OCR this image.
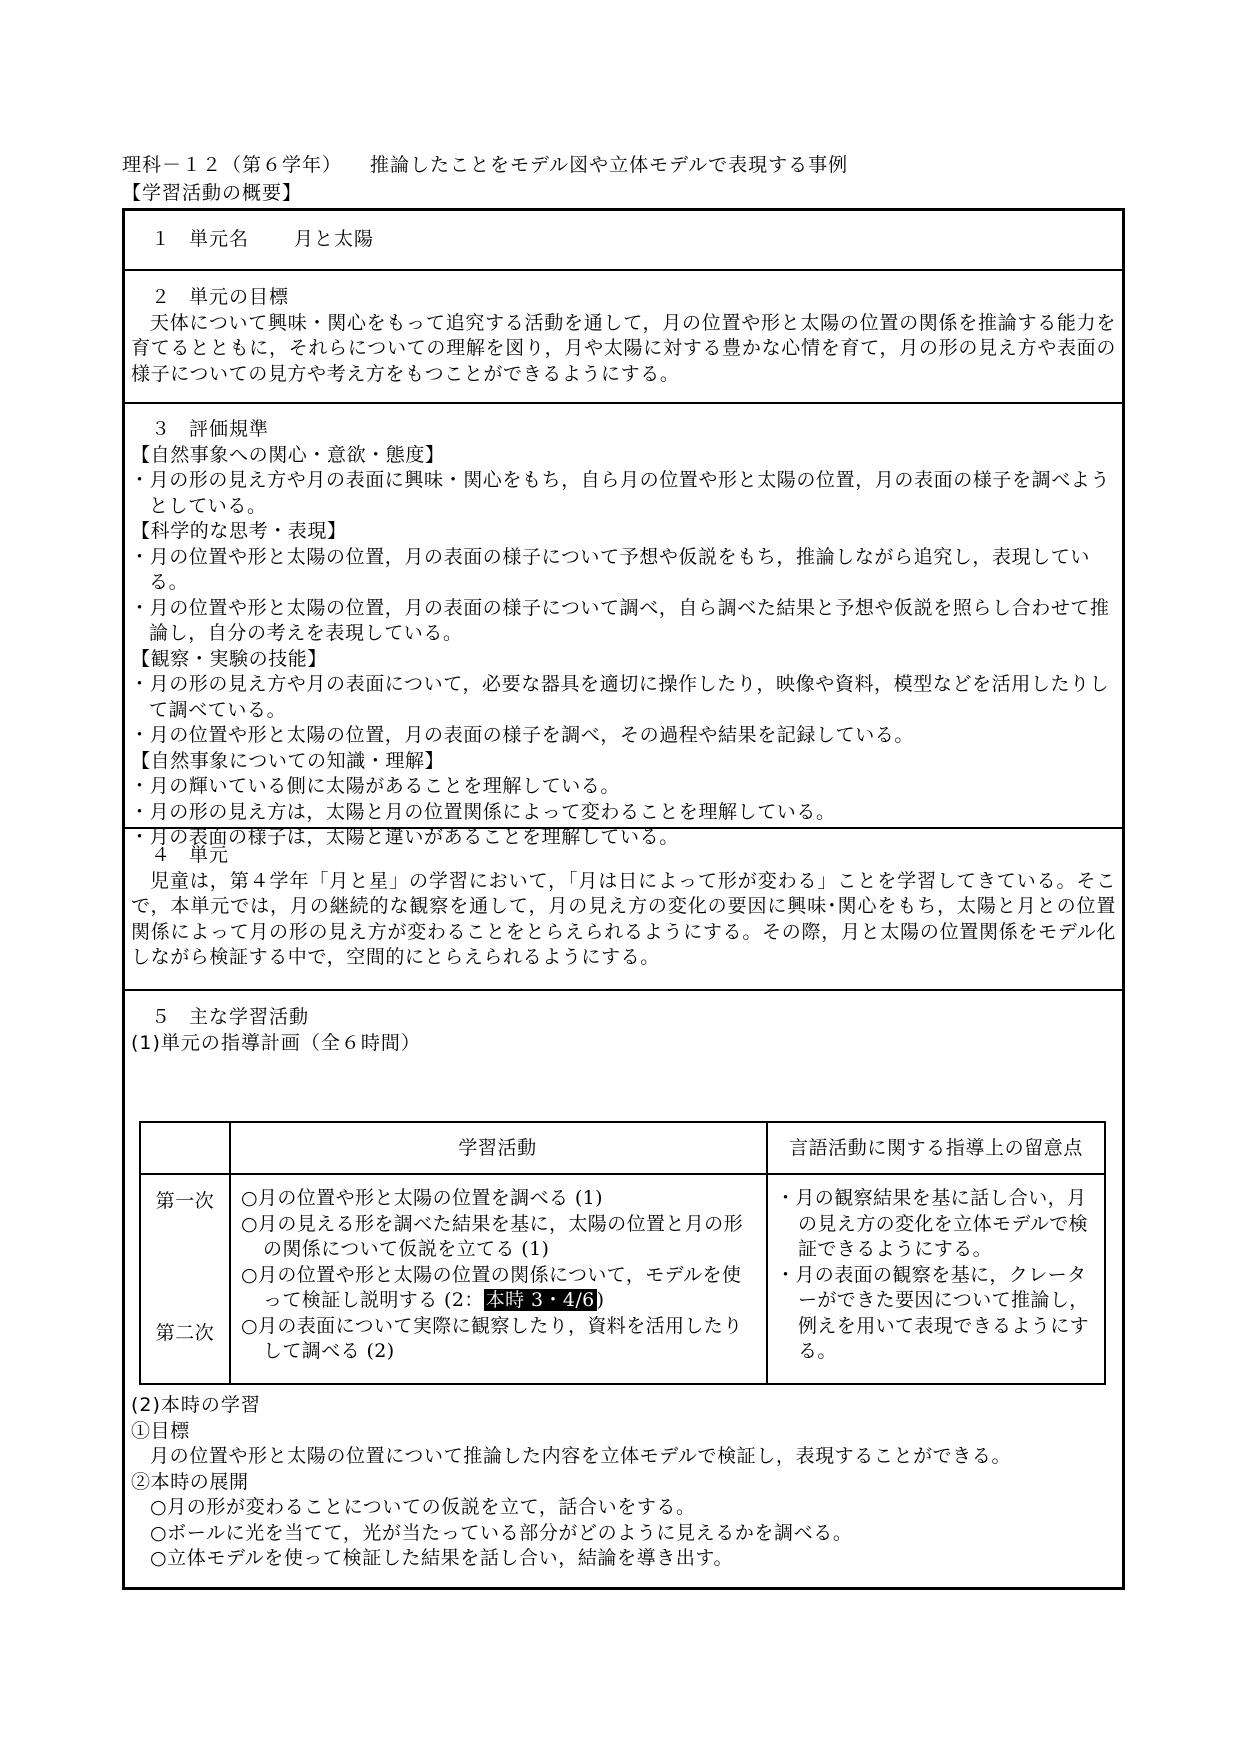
理科－１２（第６学年） 推論したことをモデル図や立体モデルで表現する事例
【学習活動の概要】
１ 単元名 月と太陽
２ 単元の目標
天体について興味・関心をもって追究する活動を通して，月の位置や形と太陽の位置の関係を推論する能力を育てるとともに，それらについての理解を図り，月や太陽に対する豊かな心情を育て，月の形の見え方や表面の様子についての見方や考え方をもつことができるようにする。
３ 評価規準
【自然事象への関心・意欲・態度】
・月の形の見え方や月の表面に興味・関心をもち，自ら月の位置や形と太陽の位置，月の表面の様子を調べようとしている。
【科学的な思考・表現】
・月の位置や形と太陽の位置，月の表面の様子について予想や仮説をもち，推論しながら追究し，表現している。
・月の位置や形と太陽の位置，月の表面の様子について調べ，自ら調べた結果と予想や仮説を照らし合わせて推論し，自分の考えを表現している。
【観察・実験の技能】
・月の形の見え方や月の表面について，必要な器具を適切に操作したり，映像や資料，模型などを活用したりして調べている。
・月の位置や形と太陽の位置，月の表面の様子を調べ，その過程や結果を記録している。
【自然事象についての知識・理解】
・月の輝いている側に太陽があることを理解している。
・月の形の見え方は，太陽と月の位置関係によって変わることを理解している。
・月の表面の様子は，太陽と違いがあることを理解している。
４ 単元
児童は，第４学年「月と星」の学習において，「月は日によって形が変わる」ことを学習してきている。そこで，本単元では，月の継続的な観察を通して，月の見え方の変化の要因に興味･関心をもち，太陽と月との位置関係によって月の形の見え方が変わることをとらえられるようにする。その際，月と太陽の位置関係をモデル化しながら検証する中で，空間的にとらえられるようにする。
５ 主な学習活動
(1)単元の指導計画（全６時間）
学習活動	言語活動に関する指導上の留意点
第一次
第二次
○月の位置や形と太陽の位置を調べる (1)
○月の見える形を調べた結果を基に，太陽の位置と月の形の関係について仮説を立てる (1)
○月の位置や形と太陽の位置の関係について，モデルを使って検証し説明する (2： 本時 3・4/6 )
○月の表面について実際に観察したり，資料を活用したりして調べる (2)
・月の観察結果を基に話し合い，月の見え方の変化を立体モデルで検証できるようにする。
・月の表面の観察を基に，クレーターができた要因について推論し，例えを用いて表現できるようにする。
(2)本時の学習
①目標
月の位置や形と太陽の位置について推論した内容を立体モデルで検証し，表現することができる。
②本時の展開
○月の形が変わることについての仮説を立て，話合いをする。
○ボールに光を当てて，光が当たっている部分がどのように見えるかを調べる。
○立体モデルを使って検証した結果を話し合い，結論を導き出す。
